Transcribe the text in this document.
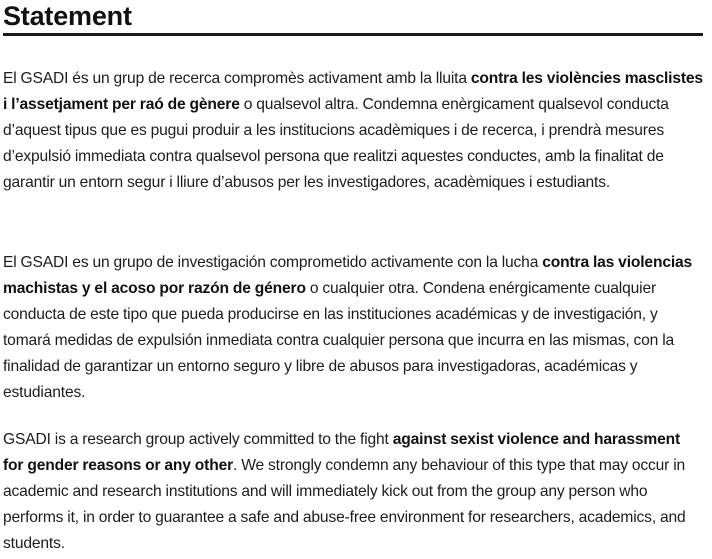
Statement

El GSADI és un grup de recerca compromès activament amb la lluita contra les violències masclistes i l’assetjament per raó de gènere o qualsevol altra. Condemna enèrgicament qualsevol conducta d’aquest tipus que es pugui produir a les institucions acadèmiques i de recerca, i prendrà mesures d’expulsió immediata contra qualsevol persona que realitzi aquestes conductes, amb la finalitat de garantir un entorn segur i lliure d’abusos per les investigadores, acadèmiques i estudiants.

El GSADI es un grupo de investigación comprometido activamente con la lucha contra las violencias machistas y el acoso por razón de género o cualquier otra. Condena enérgicamente cualquier conducta de este tipo que pueda producirse en las instituciones académicas y de investigación, y tomará medidas de expulsión inmediata contra cualquier persona que incurra en las mismas, con la finalidad de garantizar un entorno seguro y libre de abusos para investigadoras, académicas y estudiantes.

GSADI is a research group actively committed to the fight against sexist violence and harassment for gender reasons or any other. We strongly condemn any behaviour of this type that may occur in academic and research institutions and will immediately kick out from the group any person who performs it, in order to guarantee a safe and abuse-free environment for researchers, academics, and students.
